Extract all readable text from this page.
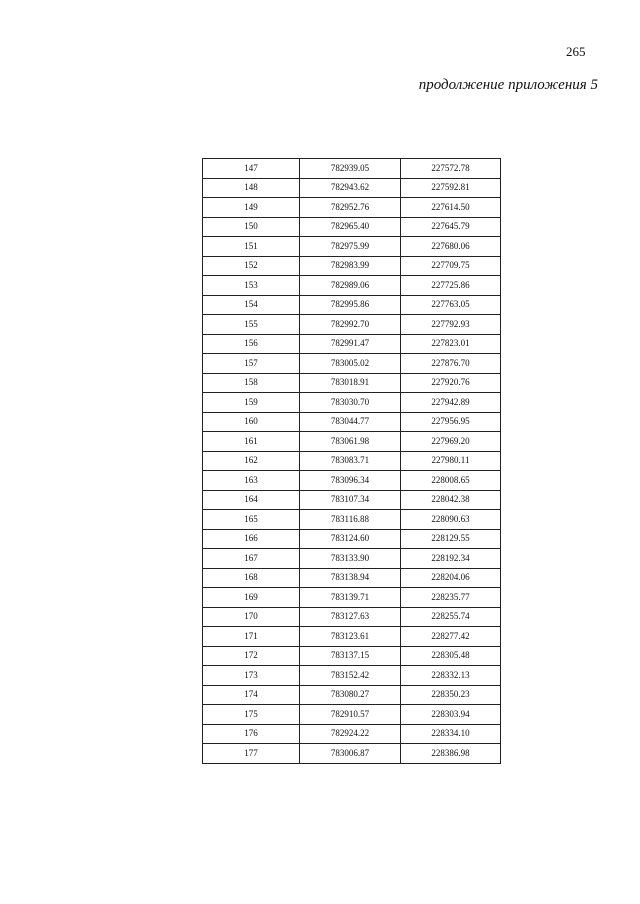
265
продолжение приложения 5
147	782939.05	227572.78
148	782943.62	227592.81
149	782952.76	227614.50
150	782965.40	227645.79
151	782975.99	227680.06
152	782983.99	227709.75
153	782989.06	227725.86
154	782995.86	227763.05
155	782992.70	227792.93
156	782991.47	227823.01
157	783005.02	227876.70
158	783018.91	227920.76
159	783030.70	227942.89
160	783044.77	227956.95
161	783061.98	227969.20
162	783083.71	227980.11
163	783096.34	228008.65
164	783107.34	228042.38
165	783116.88	228090.63
166	783124.60	228129.55
167	783133.90	228192.34
168	783138.94	228204.06
169	783139.71	228235.77
170	783127.63	228255.74
171	783123.61	228277.42
172	783137.15	228305.48
173	783152.42	228332.13
174	783080.27	228350.23
175	782910.57	228303.94
176	782924.22	228334.10
177	783006.87	228386.98
